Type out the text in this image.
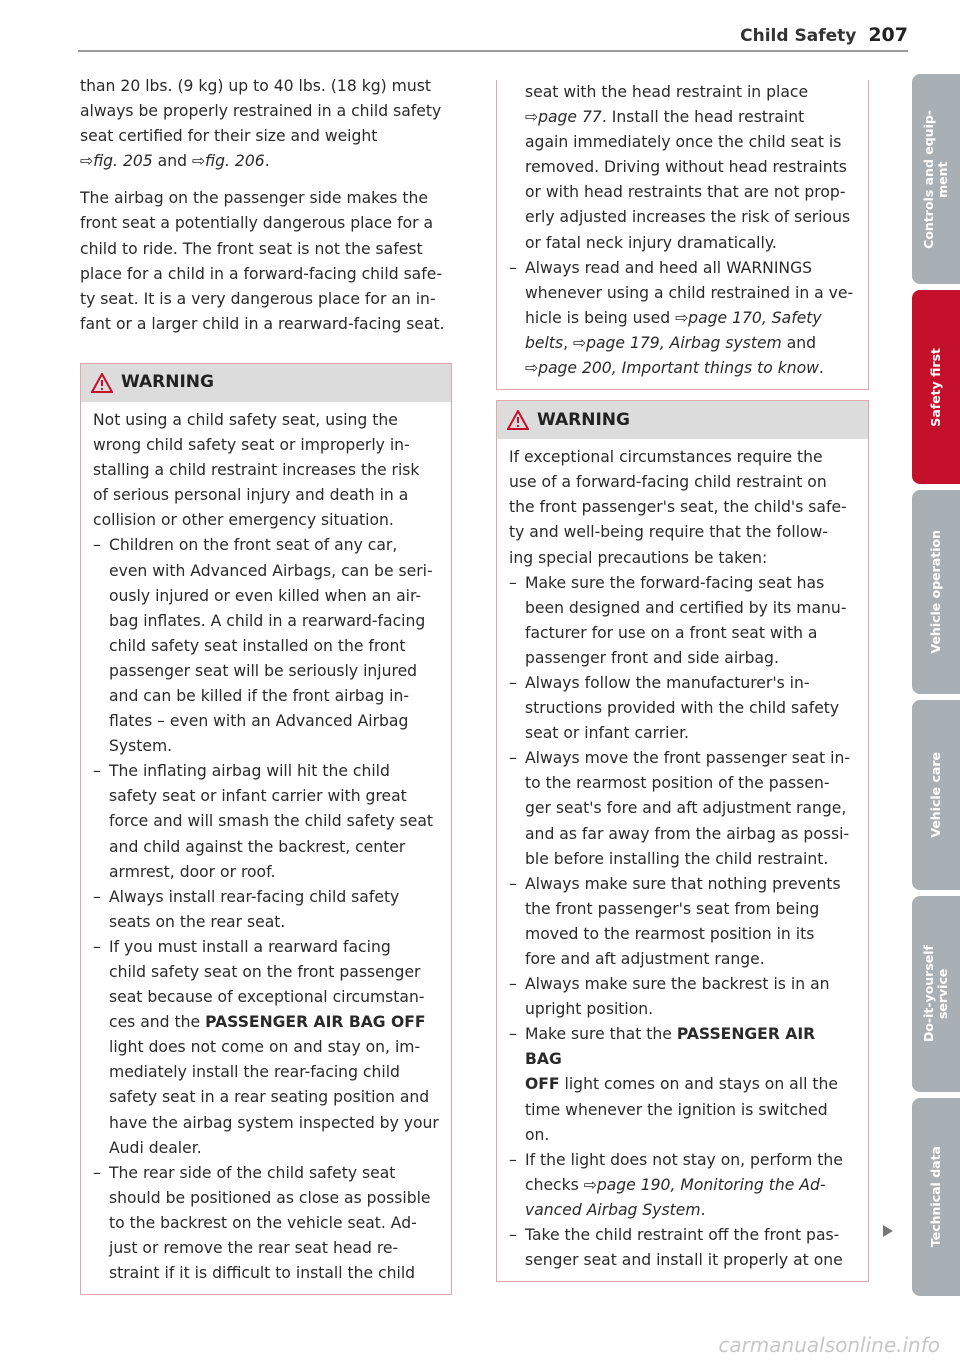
Child Safety 207

than 20 lbs. (9 kg) up to 40 lbs. (18 kg) must

always be properly restrained in a child safety

seat certified for their size and weight

⇨fig. 205 and ⇨fig. 206.

The airbag on the passenger side makes the

front seat a potentially dangerous place for a

child to ride. The front seat is not the safest

place for a child in a forward-facing child safe-

ty seat. It is a very dangerous place for an in-

fant or a larger child in a rearward-facing seat.

WARNING

Not using a child safety seat, using the

wrong child safety seat or improperly in-

stalling a child restraint increases the risk

of serious personal injury and death in a

collision or other emergency situation.

– Children on the front seat of any car,
even with Advanced Airbags, can be seri-
ously injured or even killed when an air-
bag inflates. A child in a rearward-facing
child safety seat installed on the front
passenger seat will be seriously injured
and can be killed if the front airbag in-
flates – even with an Advanced Airbag
System.
– The inflating airbag will hit the child
safety seat or infant carrier with great
force and will smash the child safety seat
and child against the backrest, center
armrest, door or roof.
– Always install rear-facing child safety
seats on the rear seat.
– If you must install a rearward facing
child safety seat on the front passenger
seat because of exceptional circumstan-
ces and the PASSENGER AIR BAG OFF
light does not come on and stay on, im-
mediately install the rear-facing child
safety seat in a rear seating position and
have the airbag system inspected by your
Audi dealer.
– The rear side of the child safety seat
should be positioned as close as possible
to the backrest on the vehicle seat. Ad-
just or remove the rear seat head re-
straint if it is difficult to install the child

seat with the head restraint in place

⇨page 77. Install the head restraint

again immediately once the child seat is

removed. Driving without head restraints

or with head restraints that are not prop-

erly adjusted increases the risk of serious

or fatal neck injury dramatically.

– Always read and heed all WARNINGS
whenever using a child restrained in a ve-
hicle is being used ⇨page 170, Safety
belts, ⇨page 179, Airbag system and
⇨page 200, Important things to know.
WARNING

If exceptional circumstances require the

use of a forward-facing child restraint on

the front passenger's seat, the child's safe-

ty and well-being require that the follow-

ing special precautions be taken:

– Make sure the forward-facing seat has
been designed and certified by its manu-
facturer for use on a front seat with a
passenger front and side airbag.
– Always follow the manufacturer's in-
structions provided with the child safety
seat or infant carrier.
– Always move the front passenger seat in-
to the rearmost position of the passen-
ger seat's fore and aft adjustment range,
and as far away from the airbag as possi-
ble before installing the child restraint.
– Always make sure that nothing prevents
the front passenger's seat from being
moved to the rearmost position in its
fore and aft adjustment range.
– Always make sure the backrest is in an
upright position.
– Make sure that the PASSENGER AIR BAG
OFF light comes on and stays on all the
time whenever the ignition is switched
on.
– If the light does not stay on, perform the
checks ⇨page 190, Monitoring the Ad-
vanced Airbag System.
– Take the child restraint off the front pas-
senger seat and install it properly at one
Controls and equip-
ment
Safety first
Vehicle operation
Vehicle care
Do-it-yourself
service
Technical data
carmanualsonline.info
